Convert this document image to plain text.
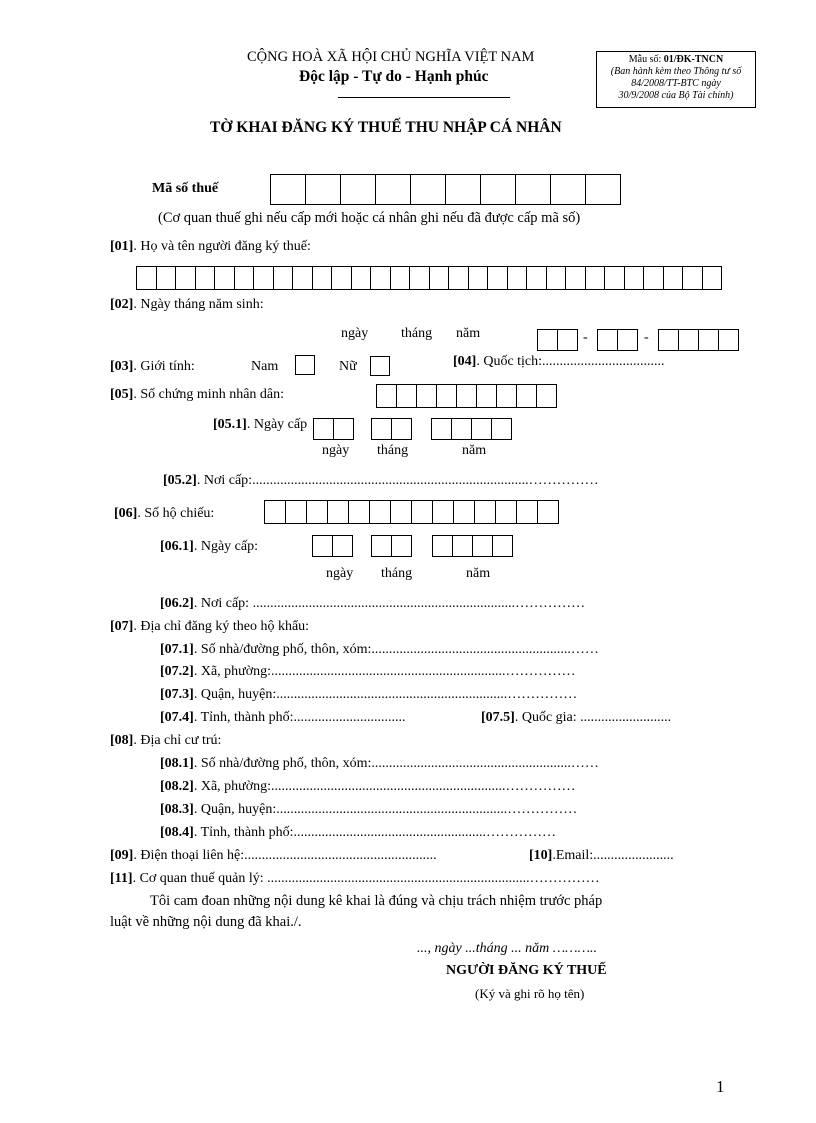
CỘNG HOÀ XÃ HỘI CHỦ NGHĨA VIỆT NAM
Độc lập - Tự do - Hạnh phúc
Mẫu số: 01/ĐK-TNCN
(Ban hành kèm theo Thông tư số
84/2008/TT-BTC ngày
30/9/2008 của Bộ Tài chính)
TỜ KHAI ĐĂNG KÝ THUẾ THU NHẬP CÁ NHÂN
Mã số thuế
(Cơ quan thuế ghi nếu cấp mới hoặc cá nhân ghi nếu đã được cấp mã số)
[01]. Họ và tên người đăng ký thuế:
[02]. Ngày tháng năm sinh:
ngày tháng năm	-	-
[03]. Giới tính:	Nam	Nữ	[04]. Quốc tịch:...................................
[05]. Số chứng minh nhân dân:
[05.1]. Ngày cấp
ngày tháng	năm
[05.2]. Nơi cấp:...............................................................................……………
[06]. Số hộ chiếu:
[06.1]. Ngày cấp:
ngày tháng	năm
[06.2]. Nơi cấp: ...........................................................................……………
[07]. Địa chỉ đăng ký theo hộ khẩu:
[07.1]. Số nhà/đường phố, thôn, xóm:.........................................................……
[07.2]. Xã, phường:...................................................................……………
[07.3]. Quận, huyện:..................................................................……………
[07.4]. Tỉnh, thành phố:................................	[07.5]. Quốc gia: ..........................
[08]. Địa chỉ cư trú:
[08.1]. Số nhà/đường phố, thôn, xóm:.........................................................……
[08.2]. Xã, phường:...................................................................……………
[08.3]. Quận, huyện:..................................................................……………
[08.4]. Tỉnh, thành phố:.......................................................……………
[09]. Điện thoại liên hệ:.......................................................	[10].Email:.......................
[11]. Cơ quan thuế quản lý: ...........................................................................……………
Tôi cam đoan những nội dung kê khai là đúng và chịu trách nhiệm trước pháp
luật về những nội dung đã khai./.
..., ngày ...tháng ... năm ………..
NGƯỜI ĐĂNG KÝ THUẾ
(Ký và ghi rõ họ tên)
1
